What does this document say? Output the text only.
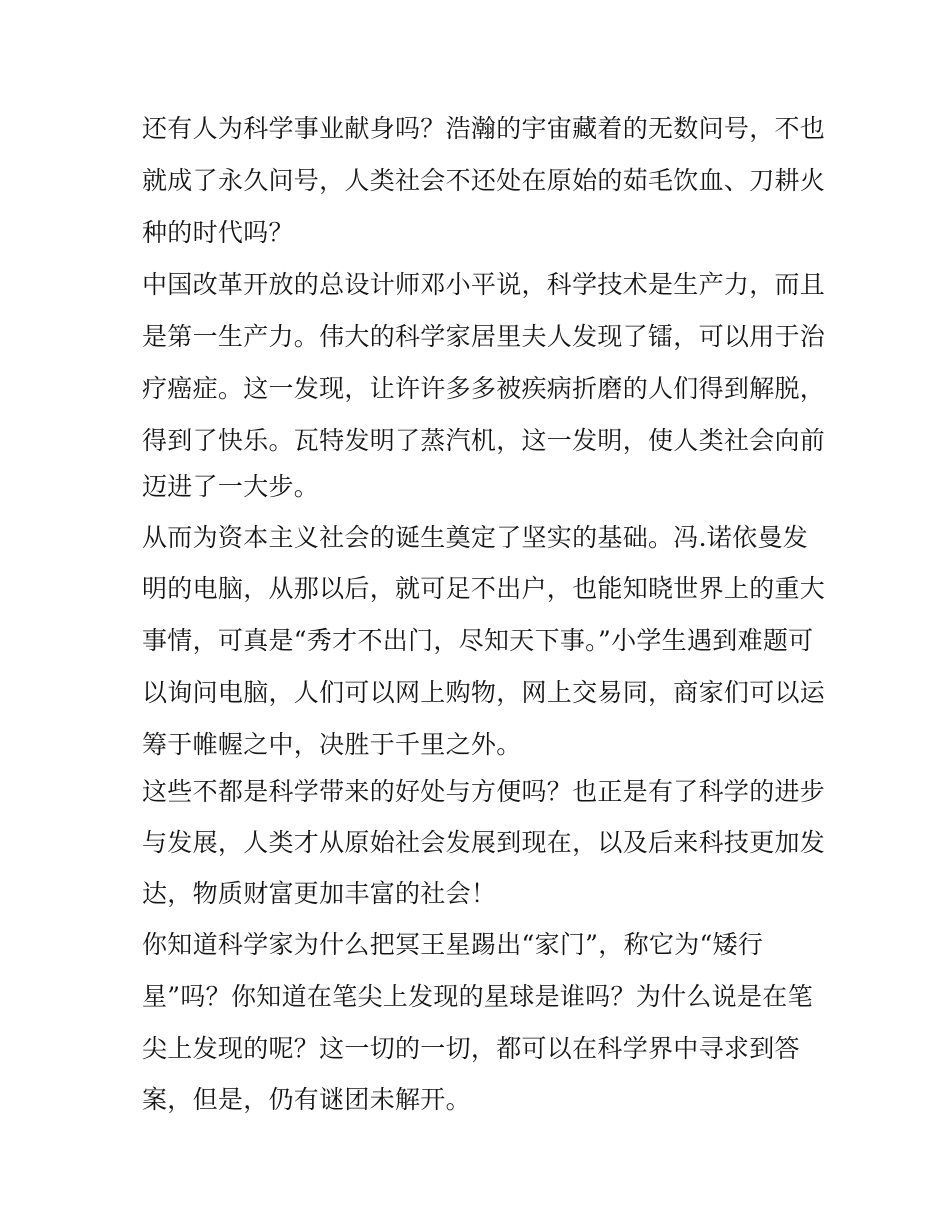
还有人为科学事业献身吗？浩瀚的宇宙藏着的无数问号，不也
就成了永久问号，人类社会不还处在原始的茹毛饮血、刀耕火
种的时代吗？
中国改革开放的总设计师邓小平说，科学技术是生产力，而且
是第一生产力。伟大的科学家居里夫人发现了镭，可以用于治
疗癌症。这一发现，让许许多多被疾病折磨的人们得到解脱，
得到了快乐。瓦特发明了蒸汽机，这一发明，使人类社会向前
迈进了一大步。
从而为资本主义社会的诞生奠定了坚实的基础。冯.诺依曼发
明的电脑，从那以后，就可足不出户，也能知晓世界上的重大
事情，可真是“秀才不出门，尽知天下事。”小学生遇到难题可
以询问电脑，人们可以网上购物，网上交易同，商家们可以运
筹于帷幄之中，决胜于千里之外。
这些不都是科学带来的好处与方便吗？也正是有了科学的进步
与发展，人类才从原始社会发展到现在，以及后来科技更加发
达，物质财富更加丰富的社会！
你知道科学家为什么把冥王星踢出“家门”，称它为“矮行
星”吗？你知道在笔尖上发现的星球是谁吗？为什么说是在笔
尖上发现的呢？这一切的一切，都可以在科学界中寻求到答
案，但是，仍有谜团未解开。
